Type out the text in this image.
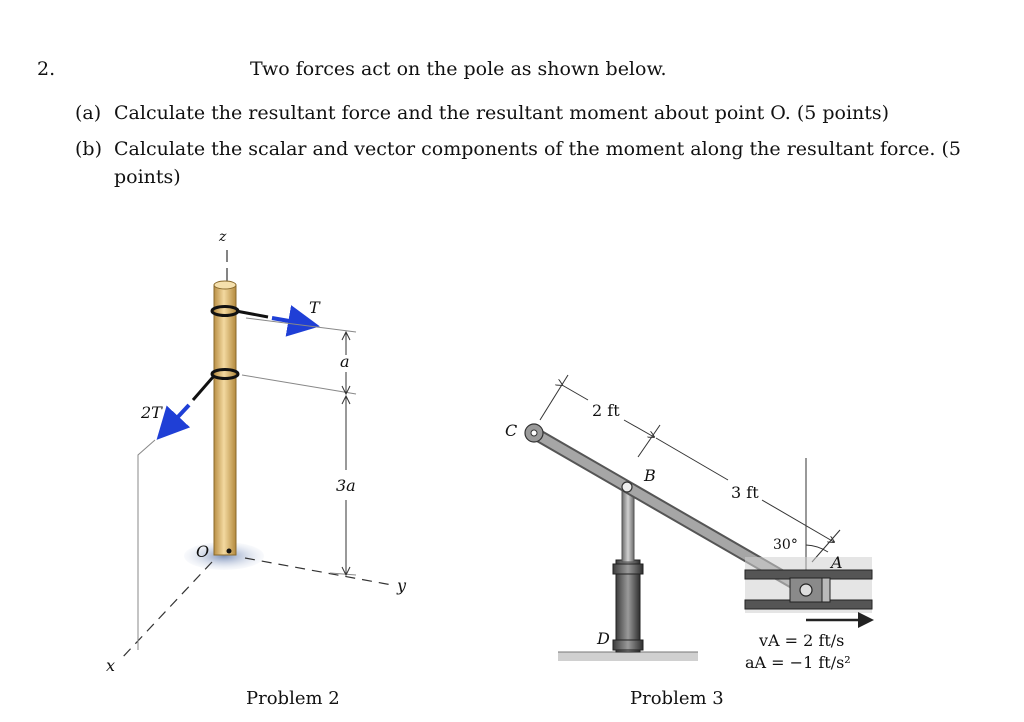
2.	Two forces act on the pole as shown below.
(a) Calculate the resultant force and the resultant moment about point O. (5 points)
(b) Calculate the scalar and vector components of the moment along the resultant force. (5
points)
z
T
2T
a
3a
O
y
x
Problem 2
C
2 ft
B
3 ft
30°
A
D	vA = 2 ft/s
aA = −1 ft/s²
Problem 3
